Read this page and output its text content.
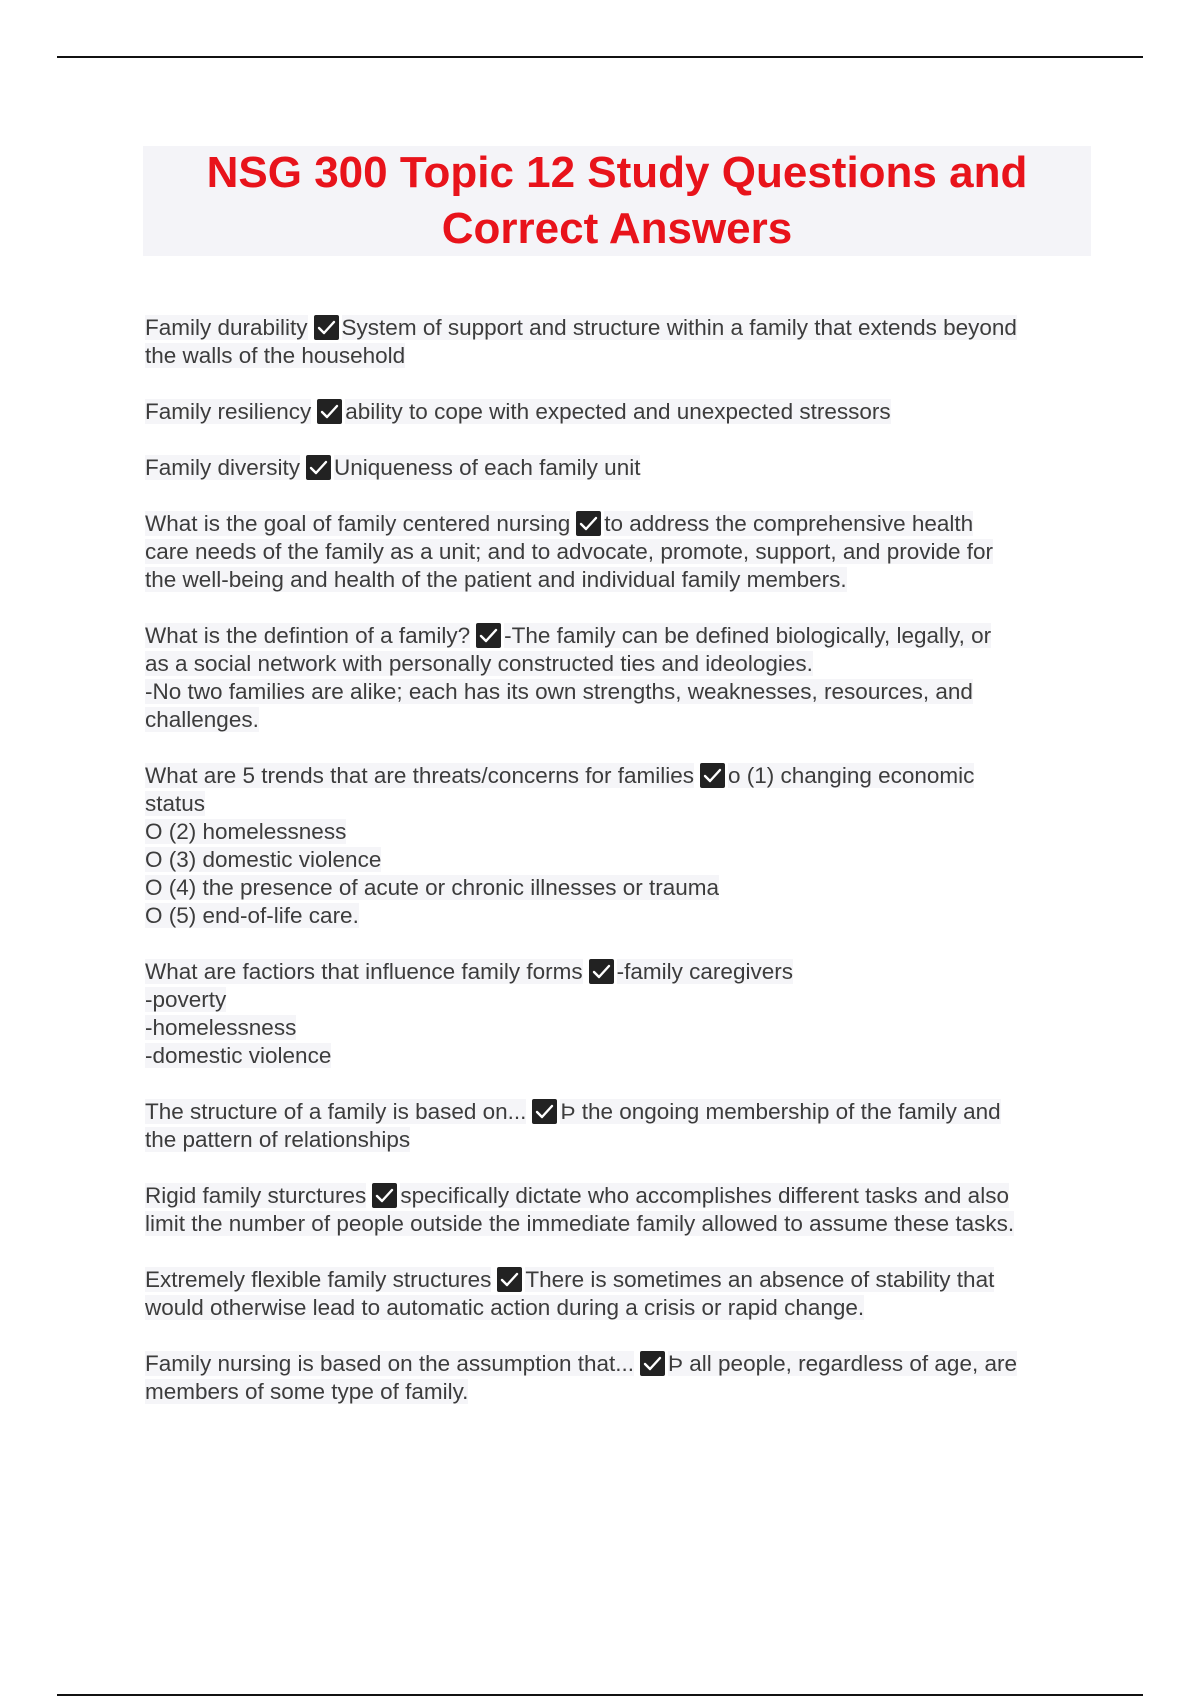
NSG 300 Topic 12 Study Questions and
Correct Answers
Family durability System of support and structure within a family that extends beyond
the walls of the household
Family resiliency ability to cope with expected and unexpected stressors
Family diversity Uniqueness of each family unit
What is the goal of family centered nursing to address the comprehensive health
care needs of the family as a unit; and to advocate, promote, support, and provide for
the well-being and health of the patient and individual family members.
What is the defintion of a family? -The family can be defined biologically, legally, or
as a social network with personally constructed ties and ideologies.
-No two families are alike; each has its own strengths, weaknesses, resources, and
challenges.
What are 5 trends that are threats/concerns for families o (1) changing economic
status
O (2) homelessness
O (3) domestic violence
O (4) the presence of acute or chronic illnesses or trauma
O (5) end-of-life care.
What are factiors that influence family forms -family caregivers
-poverty
-homelessness
-domestic violence
The structure of a family is based on... Þ the ongoing membership of the family and
the pattern of relationships
Rigid family sturctures specifically dictate who accomplishes different tasks and also
limit the number of people outside the immediate family allowed to assume these tasks.
Extremely flexible family structures There is sometimes an absence of stability that
would otherwise lead to automatic action during a crisis or rapid change.
Family nursing is based on the assumption that... Þ all people, regardless of age, are
members of some type of family.
